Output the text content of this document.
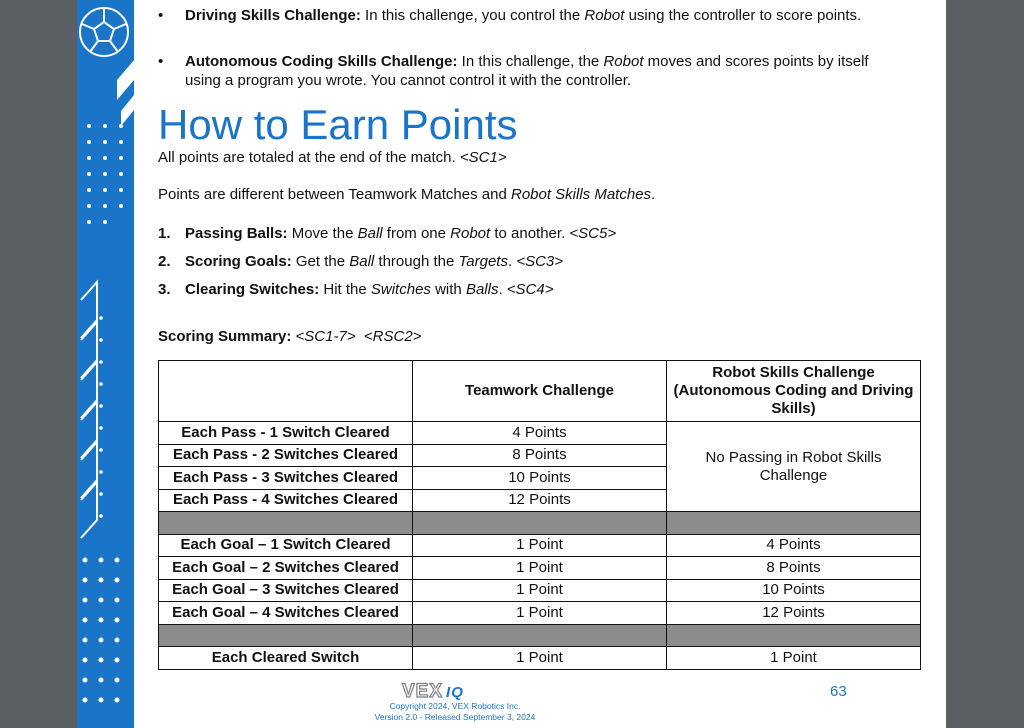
• Driving Skills Challenge: In this challenge, you control the Robot using the controller to score points.
• Autonomous Coding Skills Challenge: In this challenge, the Robot moves and scores points by itself using a program you wrote. You cannot control it with the controller.
How to Earn Points
All points are totaled at the end of the match. <SC1>
Points are different between Teamwork Matches and Robot Skills Matches.
1. Passing Balls: Move the Ball from one Robot to another. <SC5>
2. Scoring Goals: Get the Ball through the Targets. <SC3>
3. Clearing Switches: Hit the Switches with Balls. <SC4>
Scoring Summary: <SC1-7>  <RSC2>
	Teamwork Challenge	Robot Skills Challenge (Autonomous Coding and Driving Skills)
Each Pass - 1 Switch Cleared	4 Points	No Passing in Robot Skills Challenge
Each Pass - 2 Switches Cleared	8 Points	
Each Pass - 3 Switches Cleared	10 Points	
Each Pass - 4 Switches Cleared	12 Points	

Each Goal – 1 Switch Cleared	1 Point	4 Points
Each Goal – 2 Switches Cleared	1 Point	8 Points
Each Goal – 3 Switches Cleared	1 Point	10 Points
Each Goal – 4 Switches Cleared	1 Point	12 Points

Each Cleared Switch	1 Point	1 Point
VEX IQ
Copyright 2024, VEX Robotics Inc.
Version 2.0 - Released September 3, 2024
63
